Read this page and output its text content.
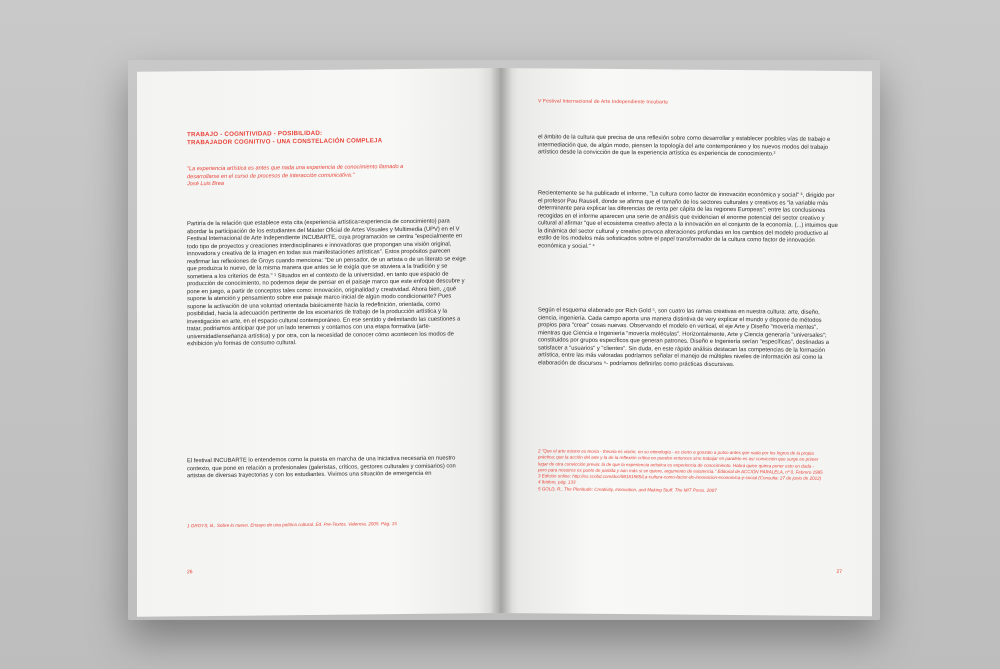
TRABAJO - COGNITIVIDAD - POSIBILIDAD:
TRABAJADOR COGNITIVO - UNA CONSTELACIÓN COMPLEJA
"La experiencia artística es antes que nada una experiencia de conocimiento llamado a desarrollarse en el curso de procesos de interacción comunicativa."
José Luis Brea
Partiría de la relación que establece esta cita (experiencia artística=experiencia de conocimiento) para abordar la participación de los estudiantes del Máster Oficial de Artes Visuales y Multimedia (UPV) en el V Festival Internacional de Arte Independiente INCUBARTE, cuya programación se centra "especialmente en todo tipo de proyectos y creaciones interdisciplinares e innovadoras que propongan una visión original, innovadora y creativa de la imagen en todas sus manifestaciones artísticas". Estos propósitos parecen reafirmar las reflexiones de Groys cuando menciona: "De un pensador, de un artista o de un literato se exige que produzca lo nuevo, de la misma manera que antes se le exigía que se atuviera a la tradición y se sometiera a los criterios de ésta." ¹ Situados en el contexto de la universidad, en tanto que espacio de producción de conocimiento, no podemos dejar de pensar en el paisaje marco que este enfoque descubre y pone en juego, a partir de conceptos tales como: innovación, originalidad y creatividad. Ahora bien, ¿qué supone la atención y pensamiento sobre ese paisaje marco inicial de algún modo condicionante? Pues supone la activación de una voluntad orientada básicamente hacia la redefinición, orientada, como posibilidad, hacia la adecuación pertinente de los escenarios de trabajo de la producción artística y la investigación en arte, en el espacio cultural contemporáneo. En ese sentido y delimitando las cuestiones a tratar, podríamos anticipar que por un lado tenemos y contamos con una etapa formativa (arte-universidad/enseñanza artística) y por otra, con la necesidad de conocer cómo acontecen los modos de exhibición y/o formas de consumo cultural.
El festival INCUBARTE lo entendemos como la puesta en marcha de una iniciativa necesaria en nuestro contexto, que pone en relación a profesionales (galeristas, críticos, gestores culturales y comisarios) con artistas de diversas trayectorias y con los estudiantes. Vivimos una situación de emergencia en
1 GROYS, B., Sobre lo nuevo. Ensayo de una política cultural. Ed. Pre-Textos. Valencia, 2005. Pág. 15
26
V Festival Internacional de Arte Independiente Incubarte
el ámbito de la cultura que precisa de una reflexión sobre como desarrollar y establecer posibles vías de trabajo e intermediación que, de algún modo, piensen la topología del arte contemporáneo y los nuevos modos del trabajo artístico desde la convicción de que la experiencia artística es experiencia de conocimiento.²
Recientemente se ha publicado el informe, "La cultura como factor de innovación económica y social" ³, dirigido por el profesor Pau Rausell, donde se afirma que el tamaño de los sectores culturales y creativos es "la variable más determinante para explicar las diferencias de renta per cápita de las regiones Europeas"; entre las conclusiones recogidas en el informe aparecen una serie de análisis que evidencian el enorme potencial del sector creativo y cultural al afirmar "que el ecosistema creativo afecta a la innovación en el conjunto de la economía. (...) intuimos que la dinámica del sector cultural y creativo provoca alteraciones profundas en los cambios del modelo productivo al estilo de los modelos más sofisticados sobre el papel transformador de la cultura como factor de innovación económica y social." ⁴
Según el esquema elaborado por Rich Gold ⁵, son cuatro las ramas creativas en nuestra cultura: arte, diseño, ciencia, ingeniería. Cada campo aporta una manera distintiva de very explicar el mundo y dispone de métodos propios para "crear" cosas nuevas. Observando el modelo en vertical, el eje Arte y Diseño "movería mentes", mientras que Ciencia e Ingeniería "movería moléculas". Horizontalmente, Arte y Ciencia generaría "universales"; constituidos por grupos específicos que generan patrones. Diseño e Ingeniería serían "específicas", destinadas a satisfacer a "usuarios" y "clientes". Sin duda, en este rápido análisis destacan las competencias de la formación artística, entre las más valoradas podríamos señalar el manejo de múltiples niveles de información así como la elaboración de discursos ⁶- podríamos definirlas como prácticas discursivas.
2 "Que el arte mismo es teoría - theoria es visión, en su etimología - es cierto a gonzalo a pulso antes que nada por los logros de la propia práctica; que la acción del arte y la de la reflexión crítica no pueden entonces sino trabajar en paralelo es así convicción que surge en primer lugar de otra convicción previa: la de que la experiencia artística es experiencia de conocimiento. Habrá quien quiera poner esto en duda - pero para nosotros es punto de partida y aún más si se quiere, argumento de existencia." Editorial de ACCIÓN PARALELA, nº 0, Febrero 1995
3 Edición online: http://es.scribd.com/doc/98181585/La-cultura-como-factor-de-innovacion-economica-y-social (Consulta: 27 de junio de 2012)
4 Ibídem, pág. 133
5 GOLD, R., The Plenitude: Creativity, Innovation, and Making Stuff. The MIT Press. 2007
27
